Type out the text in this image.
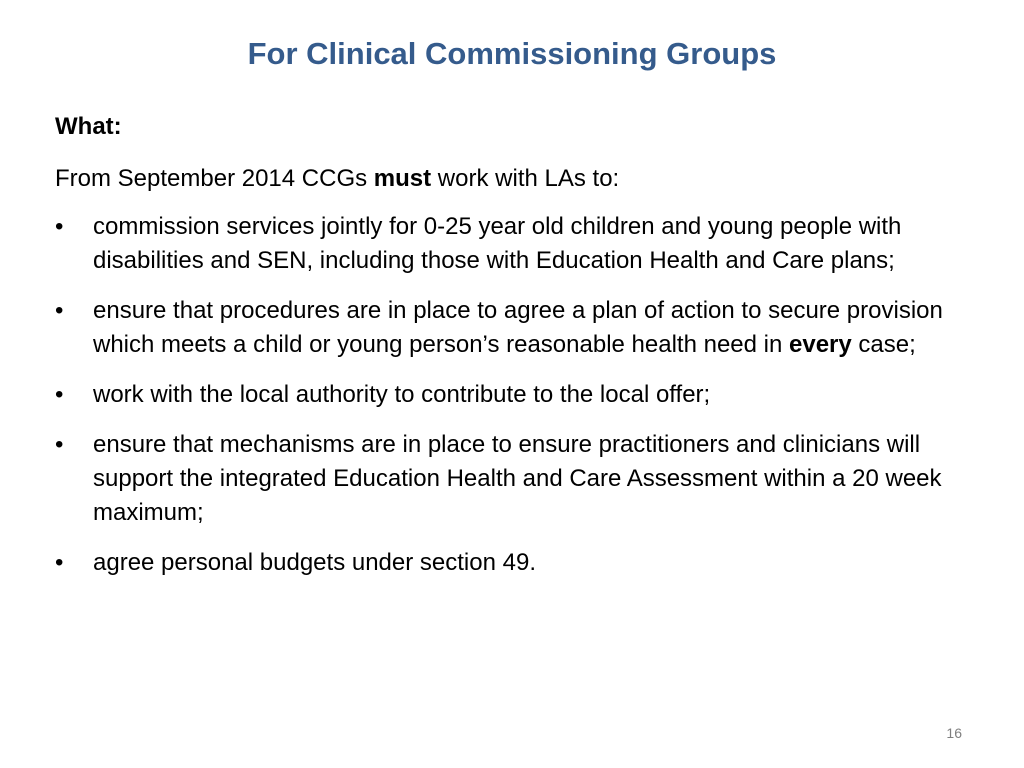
For Clinical Commissioning Groups
What:
From September 2014 CCGs must work with LAs to:
• commission services jointly for 0-25 year old children and young people with disabilities and SEN, including those with Education Health and Care plans;
• ensure that procedures are in place to agree a plan of action to secure provision which meets a child or young person’s reasonable health need in every case;
• work with the local authority to contribute to the local offer;
• ensure that mechanisms are in place to ensure practitioners and clinicians will support the integrated Education Health and Care Assessment within a 20 week maximum;
• agree personal budgets under section 49.
16
